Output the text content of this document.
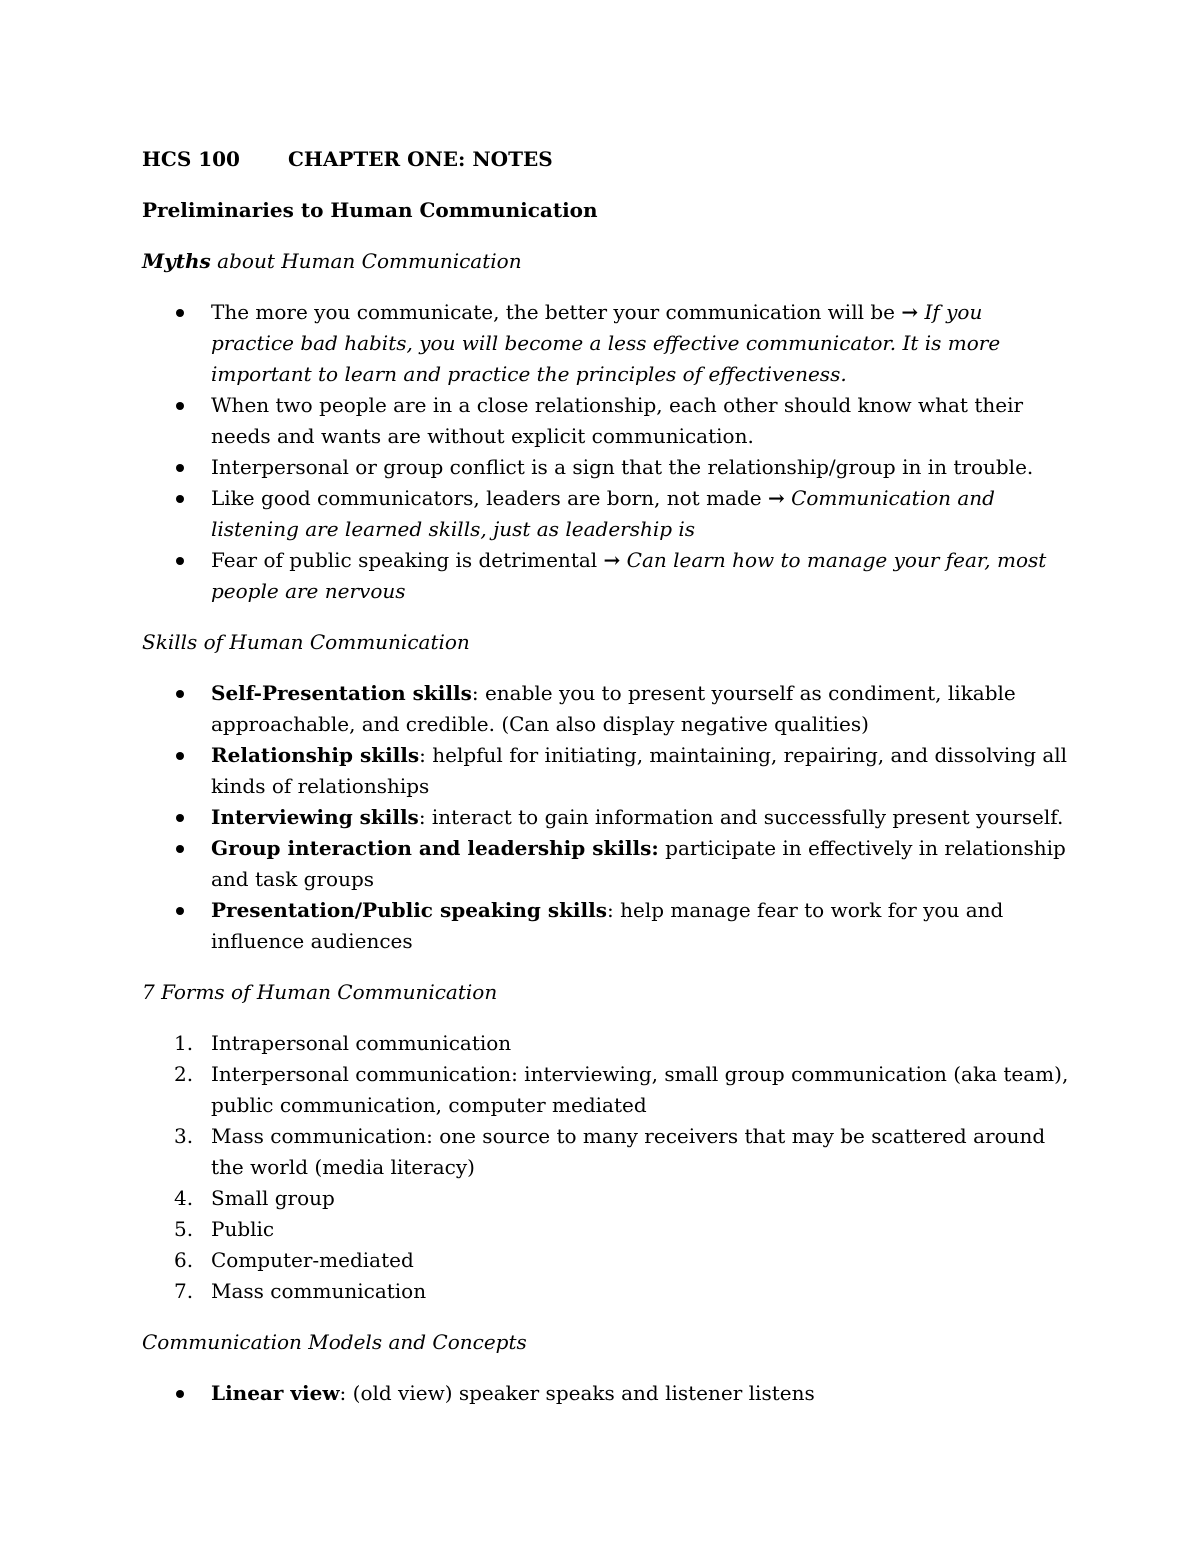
HCS 100	CHAPTER ONE: NOTES
Preliminaries to Human Communication
Myths about Human Communication
The more you communicate, the better your communication will be → If you practice bad habits, you will become a less effective communicator. It is more important to learn and practice the principles of effectiveness.
When two people are in a close relationship, each other should know what their needs and wants are without explicit communication.
Interpersonal or group conflict is a sign that the relationship/group in in trouble.
Like good communicators, leaders are born, not made → Communication and listening are learned skills, just as leadership is
Fear of public speaking is detrimental → Can learn how to manage your fear, most people are nervous
Skills of Human Communication
Self-Presentation skills: enable you to present yourself as condiment, likable approachable, and credible. (Can also display negative qualities)
Relationship skills: helpful for initiating, maintaining, repairing, and dissolving all kinds of relationships
Interviewing skills: interact to gain information and successfully present yourself.
Group interaction and leadership skills: participate in effectively in relationship and task groups
Presentation/Public speaking skills: help manage fear to work for you and influence audiences
7 Forms of Human Communication
1. Intrapersonal communication
2. Interpersonal communication: interviewing, small group communication (aka team), public communication, computer mediated
3. Mass communication: one source to many receivers that may be scattered around the world (media literacy)
4. Small group
5. Public
6. Computer-mediated
7. Mass communication
Communication Models and Concepts
Linear view: (old view) speaker speaks and listener listens
